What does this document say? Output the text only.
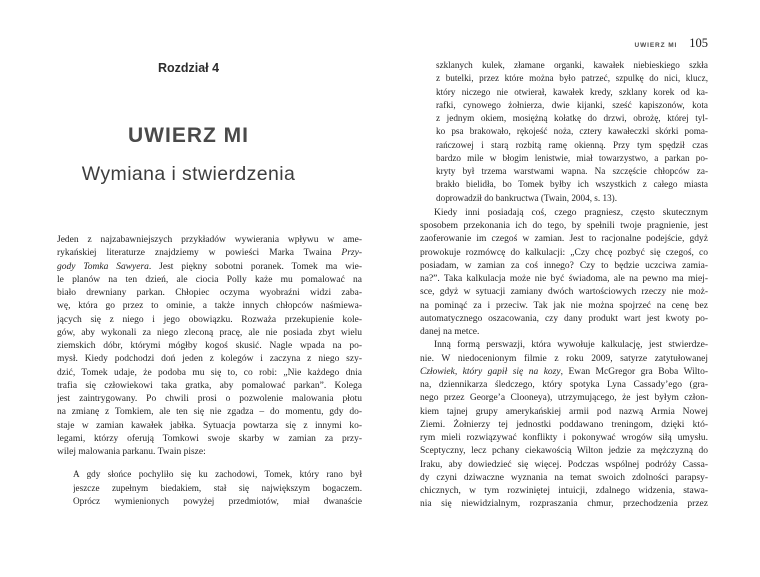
Rozdział 4
UWIERZ MI
Wymiana i stwierdzenia
Jeden z najzabawniejszych przykładów wywierania wpływu w ame-
rykańskiej literaturze znajdziemy w powieści Marka Twaina Przy-
gody Tomka Sawyera. Jest piękny sobotni poranek. Tomek ma wie-
le planów na ten dzień, ale ciocia Polly każe mu pomalować na
biało drewniany parkan. Chłopiec oczyma wyobraźni widzi zaba-
wę, która go przez to ominie, a także innych chłopców naśmiewa-
jących się z niego i jego obowiązku. Rozważa przekupienie kole-
gów, aby wykonali za niego zleconą pracę, ale nie posiada zbyt wielu
ziemskich dóbr, którymi mógłby kogoś skusić. Nagle wpada na po-
mysł. Kiedy podchodzi doń jeden z kolegów i zaczyna z niego szy-
dzić, Tomek udaje, że podoba mu się to, co robi: „Nie każdego dnia
trafia się człowiekowi taka gratka, aby pomalować parkan”. Kolega
jest zaintrygowany. Po chwili prosi o pozwolenie malowania płotu
na zmianę z Tomkiem, ale ten się nie zgadza – do momentu, gdy do-
staje w zamian kawałek jabłka. Sytuacja powtarza się z innymi ko-
legami, którzy oferują Tomkowi swoje skarby w zamian za przy-
wilej malowania parkanu. Twain pisze:
A gdy słońce pochyliło się ku zachodowi, Tomek, który rano był
jeszcze zupełnym biedakiem, stał się największym bogaczem.
Oprócz wymienionych powyżej przedmiotów, miał dwanaście
UWIERZ MI 105
szklanych kulek, złamane organki, kawałek niebieskiego szkła
z butelki, przez które można było patrzeć, szpulkę do nici, klucz,
który niczego nie otwierał, kawałek kredy, szklany korek od ka-
rafki, cynowego żołnierza, dwie kijanki, sześć kapiszonów, kota
z jednym okiem, mosiężną kołatkę do drzwi, obrożę, której tyl-
ko psa brakowało, rękojeść noża, cztery kawałeczki skórki poma-
rańczowej i starą rozbitą ramę okienną. Przy tym spędził czas
bardzo mile w błogim lenistwie, miał towarzystwo, a parkan po-
kryty był trzema warstwami wapna. Na szczęście chłopców za-
brakło bielidła, bo Tomek byłby ich wszystkich z całego miasta
doprowadził do bankructwa (Twain, 2004, s. 13).
Kiedy inni posiadają coś, czego pragniesz, często skutecznym
sposobem przekonania ich do tego, by spełnili twoje pragnienie, jest
zaoferowanie im czegoś w zamian. Jest to racjonalne podejście, gdyż
prowokuje rozmówcę do kalkulacji: „Czy chcę pozbyć się czegoś, co
posiadam, w zamian za coś innego? Czy to będzie uczciwa zamia-
na?”. Taka kalkulacja może nie być świadoma, ale na pewno ma miej-
sce, gdyż w sytuacji zamiany dwóch wartościowych rzeczy nie moż-
na pominąć za i przeciw. Tak jak nie można spojrzeć na cenę bez
automatycznego oszacowania, czy dany produkt wart jest kwoty po-
danej na metce.
Inną formą perswazji, która wywołuje kalkulację, jest stwierdze-
nie. W niedocenionym filmie z roku 2009, satyrze zatytułowanej
Człowiek, który gapił się na kozy, Ewan McGregor gra Boba Wilto-
na, dziennikarza śledczego, który spotyka Lyna Cassady’ego (gra-
nego przez George’a Clooneya), utrzymującego, że jest byłym człon-
kiem tajnej grupy amerykańskiej armii pod nazwą Armia Nowej
Ziemi. Żołnierzy tej jednostki poddawano treningom, dzięki któ-
rym mieli rozwiązywać konflikty i pokonywać wrogów siłą umysłu.
Sceptyczny, lecz pchany ciekawością Wilton jedzie za mężczyzną do
Iraku, aby dowiedzieć się więcej. Podczas wspólnej podróży Cassa-
dy czyni dziwaczne wyznania na temat swoich zdolności parapsy-
chicznych, w tym rozwiniętej intuicji, zdalnego widzenia, stawa-
nia się niewidzialnym, rozpraszania chmur, przechodzenia przez
